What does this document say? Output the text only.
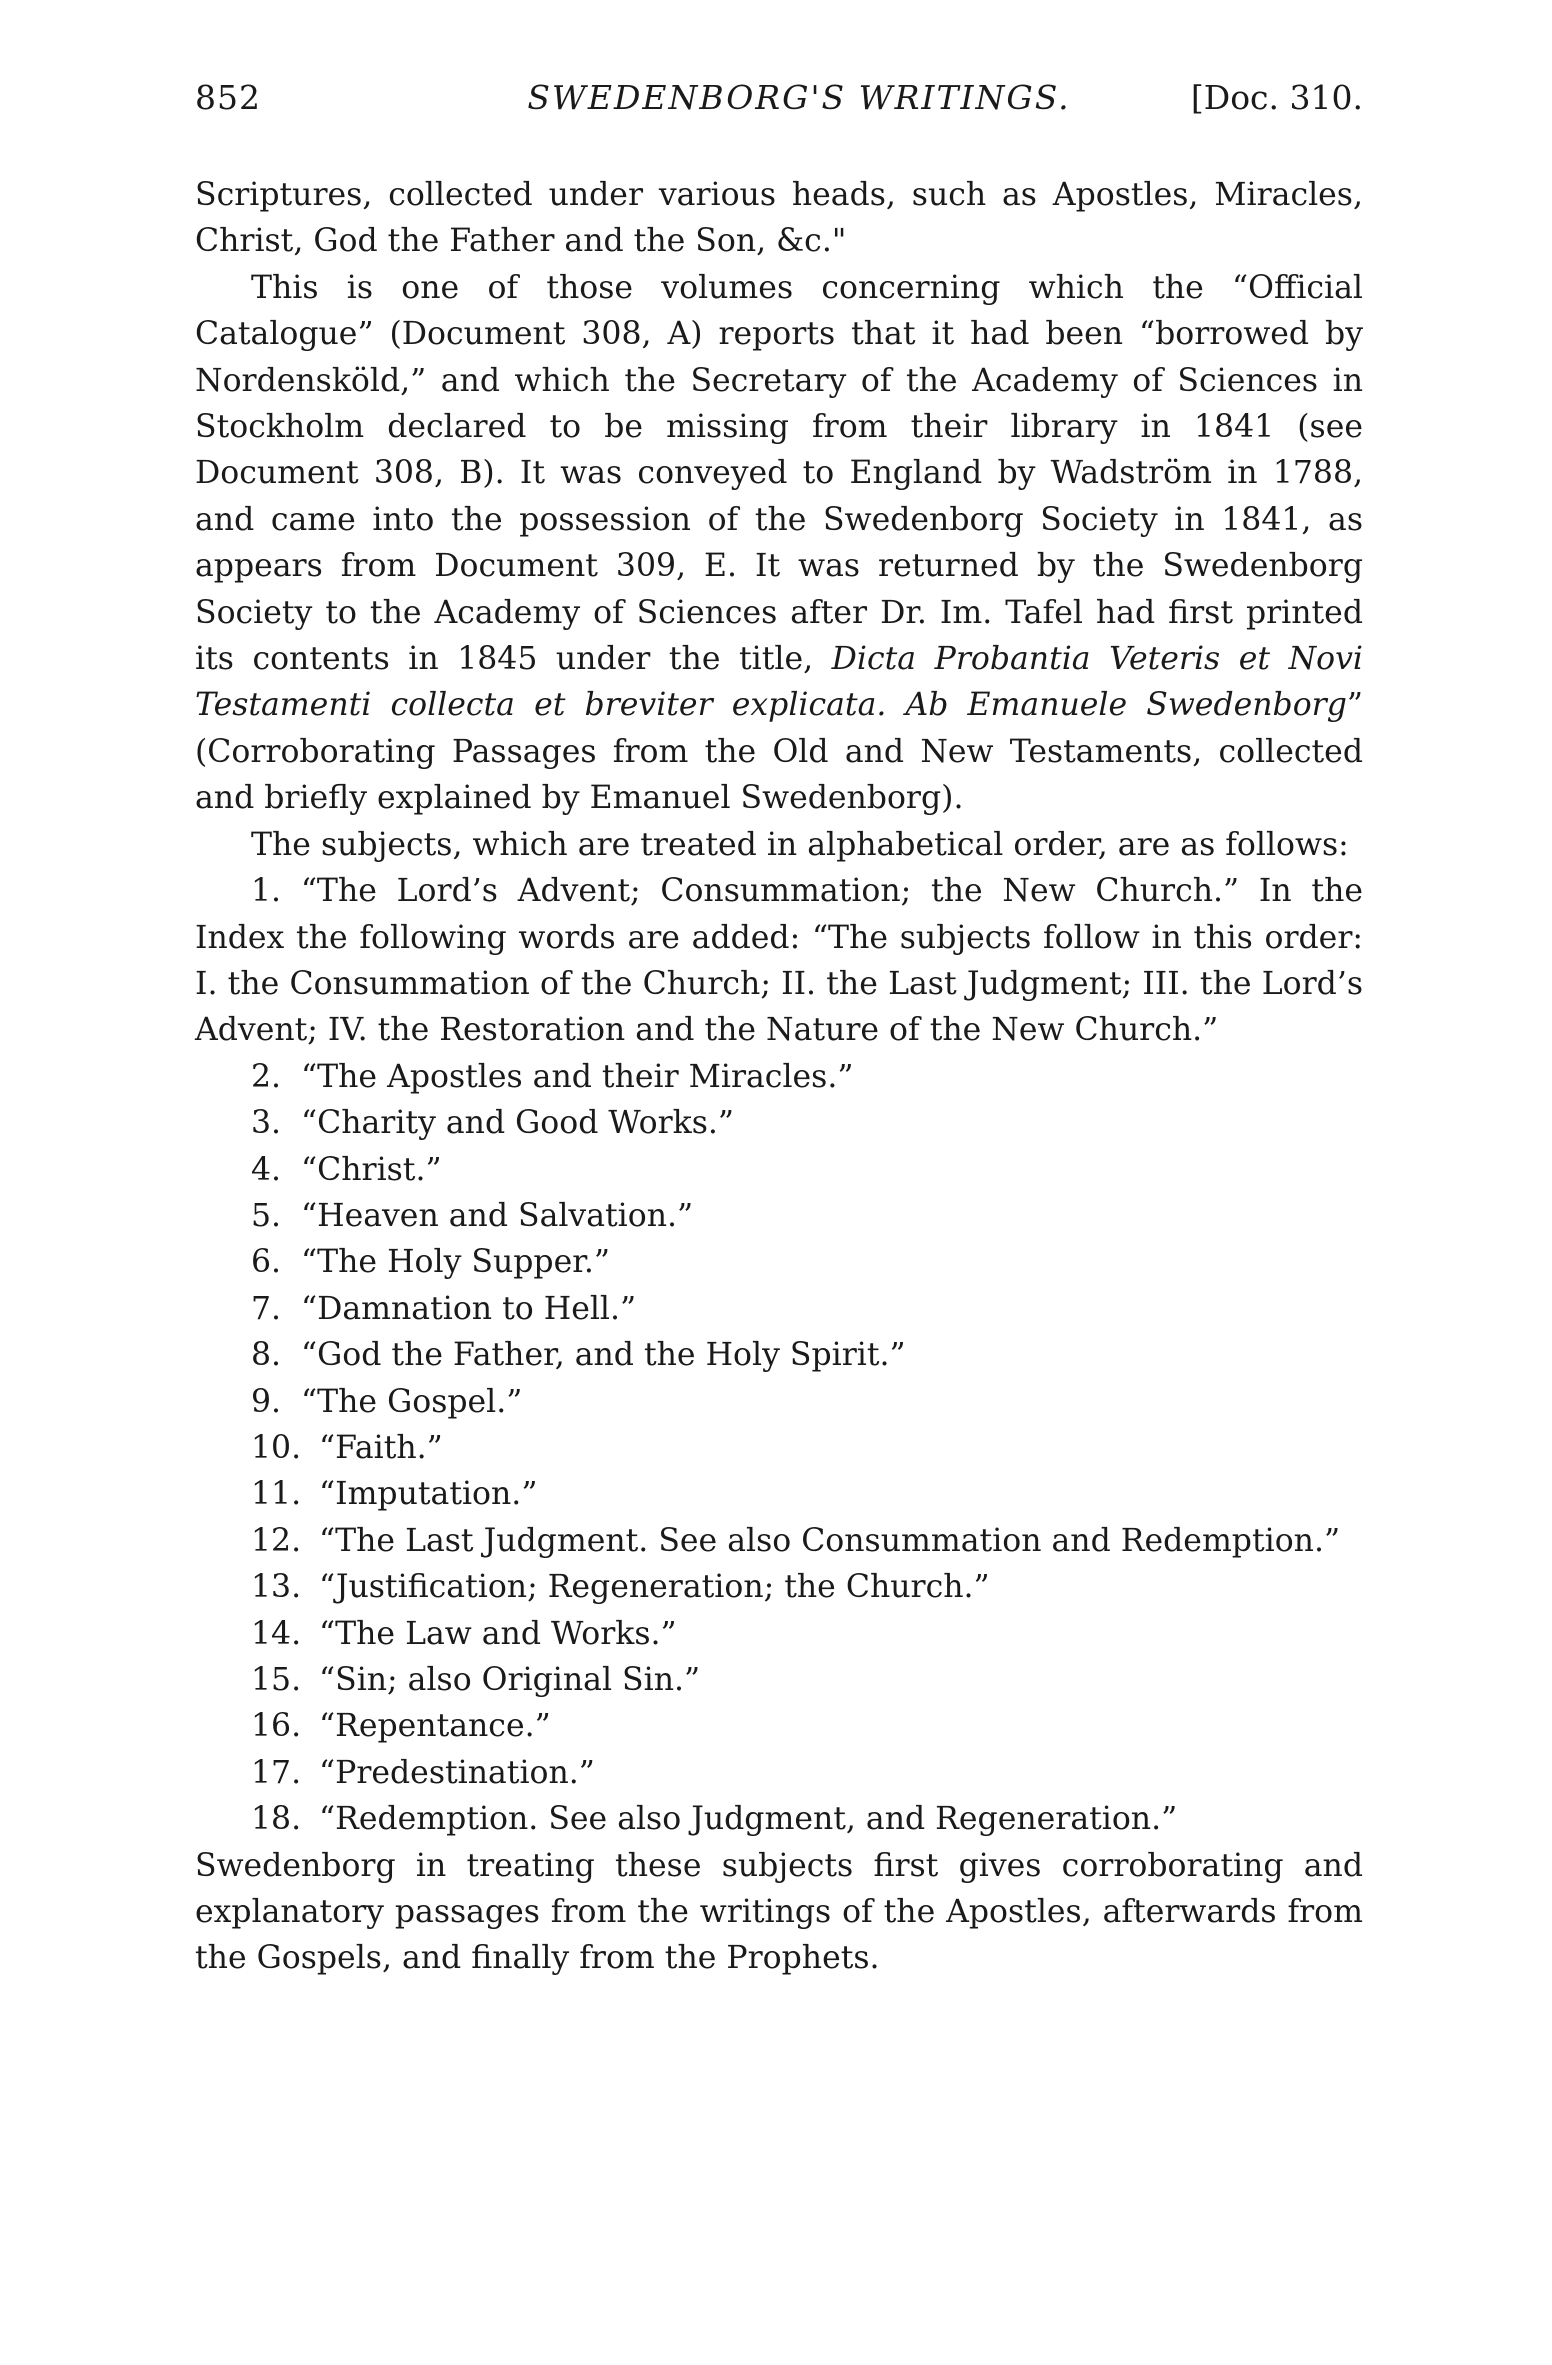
852	SWEDENBORG'S WRITINGS.	[Doc. 310.

Scriptures, collected under various heads, such as Apostles, Miracles, Christ, God the Father and the Son, &c."

This is one of those volumes concerning which the “Official Catalogue” (Document 308, A) reports that it had been “borrowed by Nordensköld,” and which the Secretary of the Academy of Sciences in Stockholm declared to be missing from their library in 1841 (see Document 308, B). It was conveyed to England by Wadström in 1788, and came into the possession of the Swedenborg Society in 1841, as appears from Document 309, E. It was returned by the Swedenborg Society to the Academy of Sciences after Dr. Im. Tafel had first printed its contents in 1845 under the title, Dicta Probantia Veteris et Novi Testamenti collecta et breviter explicata. Ab Emanuele Swedenborg” (Corroborating Passages from the Old and New Testaments, collected and briefly explained by Emanuel Swedenborg).

The subjects, which are treated in alphabetical order, are as follows:

1. “The Lord’s Advent; Consummation; the New Church.” In the Index the following words are added: “The subjects follow in this order: I. the Consummation of the Church; II. the Last Judgment; III. the Lord’s Advent; IV. the Restoration and the Nature of the New Church.”
2. “The Apostles and their Miracles.”
3. “Charity and Good Works.”
4. “Christ.”
5. “Heaven and Salvation.”
6. “The Holy Supper.”
7. “Damnation to Hell.”
8. “God the Father, and the Holy Spirit.”
9. “The Gospel.”
10. “Faith.”
11. “Imputation.”
12. “The Last Judgment. See also Consummation and Redemption.”
13. “Justification; Regeneration; the Church.”
14. “The Law and Works.”
15. “Sin; also Original Sin.”
16. “Repentance.”
17. “Predestination.”
18. “Redemption. See also Judgment, and Regeneration.”

Swedenborg in treating these subjects first gives corroborating and explanatory passages from the writings of the Apostles, afterwards from the Gospels, and finally from the Prophets.
